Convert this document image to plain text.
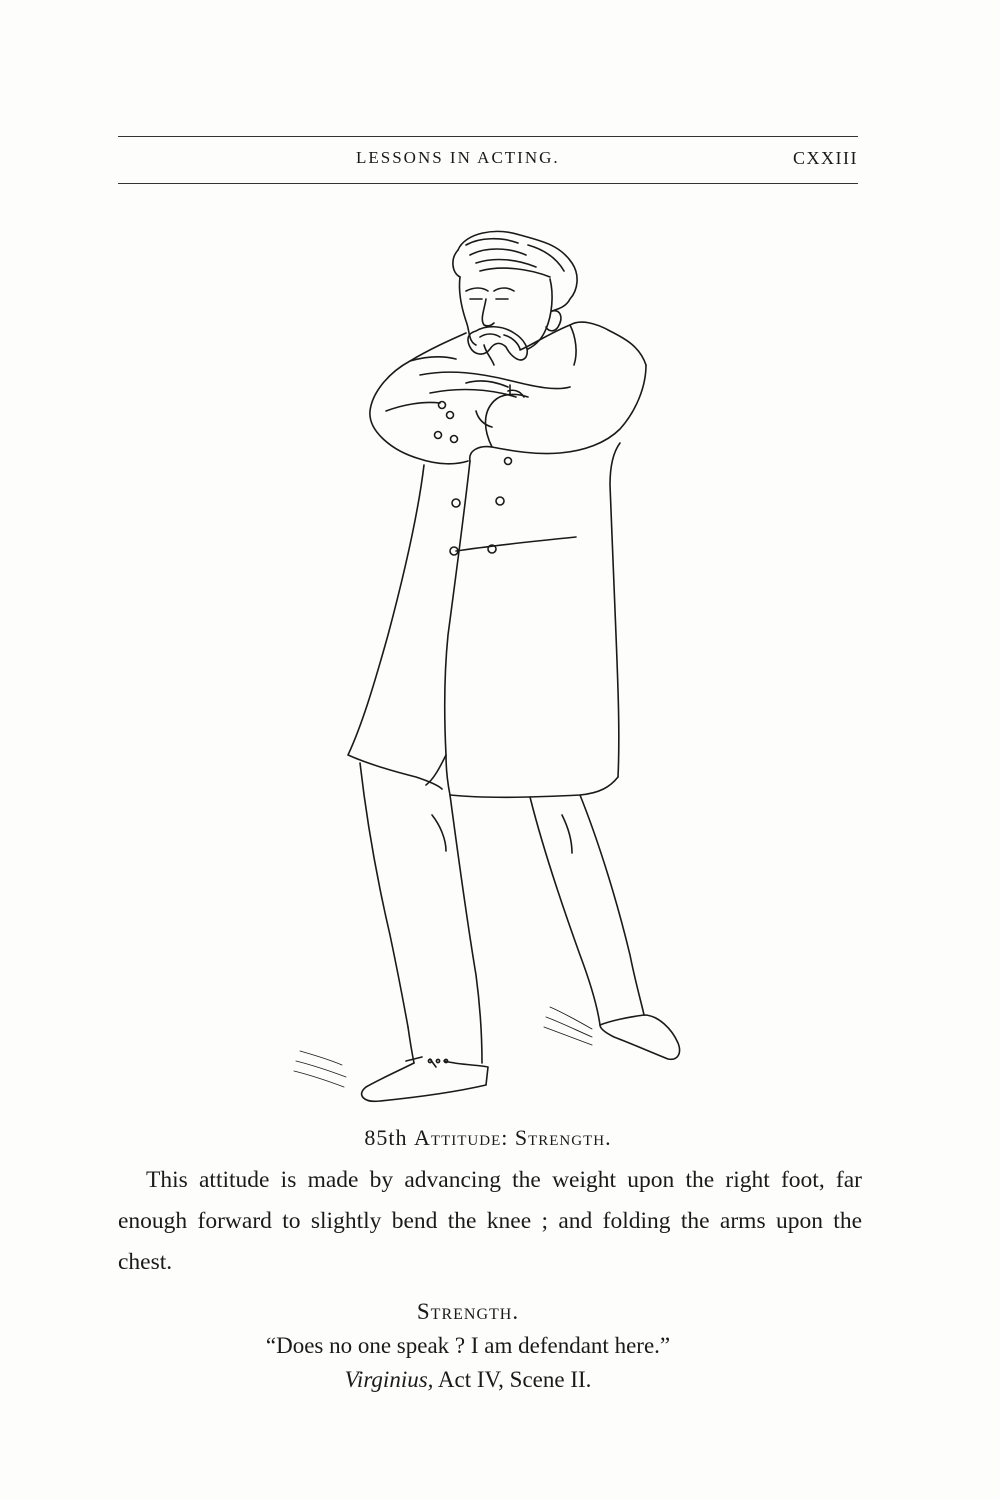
LESSONS IN ACTING.	CXXIII
85th Attitude: Strength.
This attitude is made by advancing the weight upon the right foot, far enough forward to slightly bend the knee ; and folding the arms upon the chest.
Strength.
“Does no one speak ? I am defendant here.”
Virginius, Act IV, Scene II.
